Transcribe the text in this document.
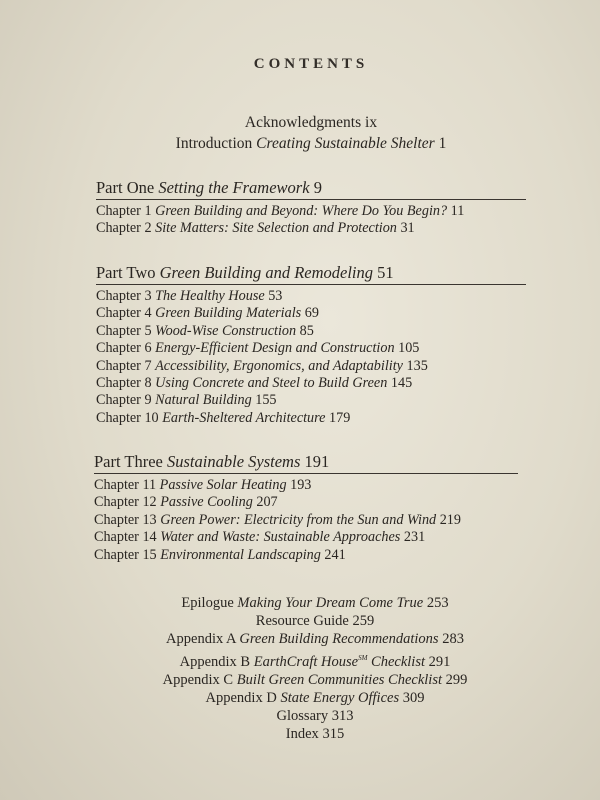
CONTENTS
Acknowledgments ix
Introduction Creating Sustainable Shelter 1
Part One Setting the Framework 9
Chapter 1 Green Building and Beyond: Where Do You Begin? 11
Chapter 2 Site Matters: Site Selection and Protection 31
Part Two Green Building and Remodeling 51
Chapter 3 The Healthy House 53
Chapter 4 Green Building Materials 69
Chapter 5 Wood-Wise Construction 85
Chapter 6 Energy-Efficient Design and Construction 105
Chapter 7 Accessibility, Ergonomics, and Adaptability 135
Chapter 8 Using Concrete and Steel to Build Green 145
Chapter 9 Natural Building 155
Chapter 10 Earth-Sheltered Architecture 179
Part Three Sustainable Systems 191
Chapter 11 Passive Solar Heating 193
Chapter 12 Passive Cooling 207
Chapter 13 Green Power: Electricity from the Sun and Wind 219
Chapter 14 Water and Waste: Sustainable Approaches 231
Chapter 15 Environmental Landscaping 241
Epilogue Making Your Dream Come True 253
Resource Guide 259
Appendix A Green Building Recommendations 283
Appendix B EarthCraft House℠ Checklist 291
Appendix C Built Green Communities Checklist 299
Appendix D State Energy Offices 309
Glossary 313
Index 315
